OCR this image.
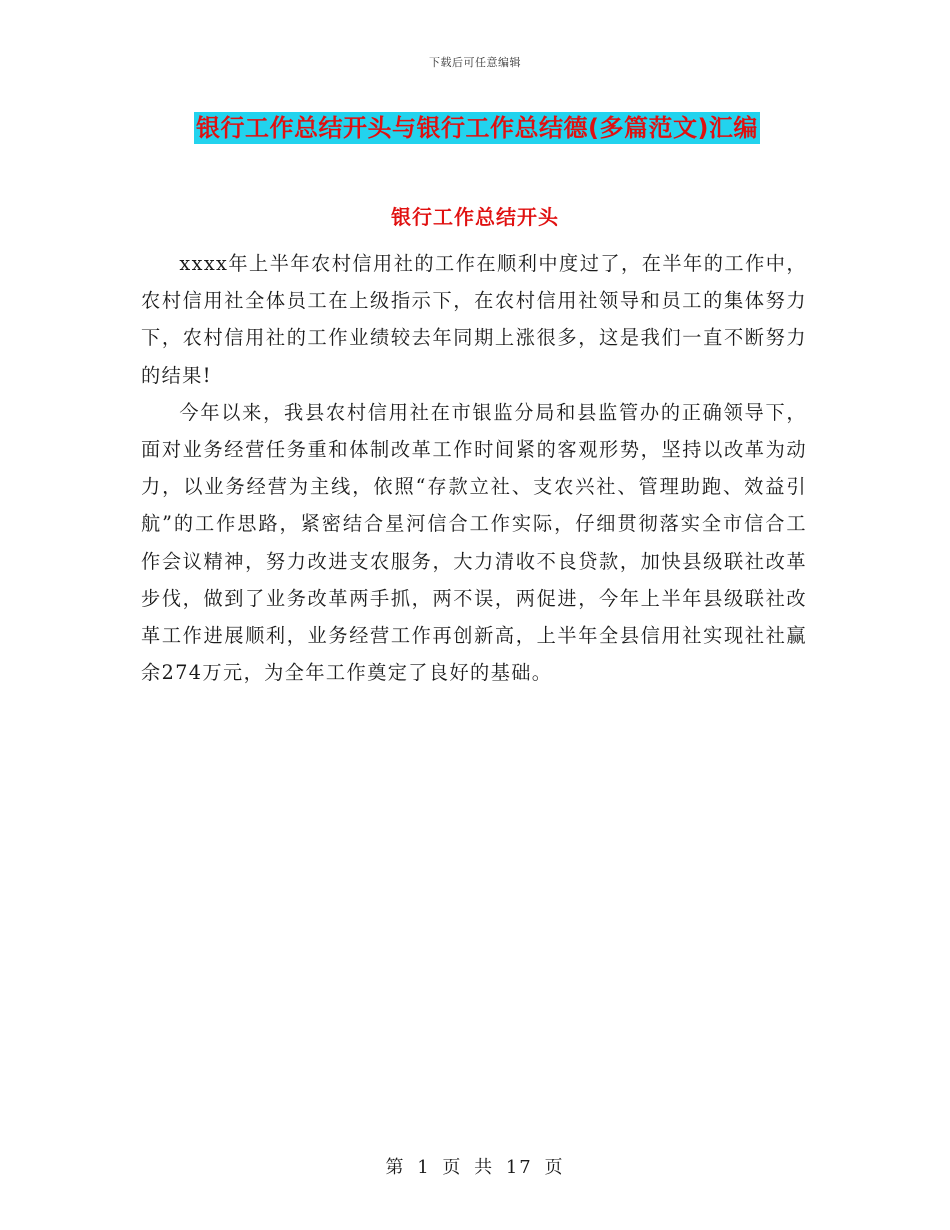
下载后可任意编辑
银行工作总结开头与银行工作总结德(多篇范文)汇编
银行工作总结开头

xxxx年上半年农村信用社的工作在顺利中度过了，在半年的工作中，农村信用社全体员工在上级指示下，在农村信用社领导和员工的集体努力下，农村信用社的工作业绩较去年同期上涨很多，这是我们一直不断努力的结果!

今年以来，我县农村信用社在市银监分局和县监管办的正确领导下，面对业务经营任务重和体制改革工作时间紧的客观形势，坚持以改革为动力，以业务经营为主线，依照“存款立社、支农兴社、管理助跑、效益引航”的工作思路，紧密结合星河信合工作实际，仔细贯彻落实全市信合工作会议精神，努力改进支农服务，大力清收不良贷款，加快县级联社改革步伐，做到了业务改革两手抓，两不误，两促进，今年上半年县级联社改革工作进展顺利，业务经营工作再创新高，上半年全县信用社实现社社赢余274万元，为全年工作奠定了良好的基础。

第 1 页 共 17 页
